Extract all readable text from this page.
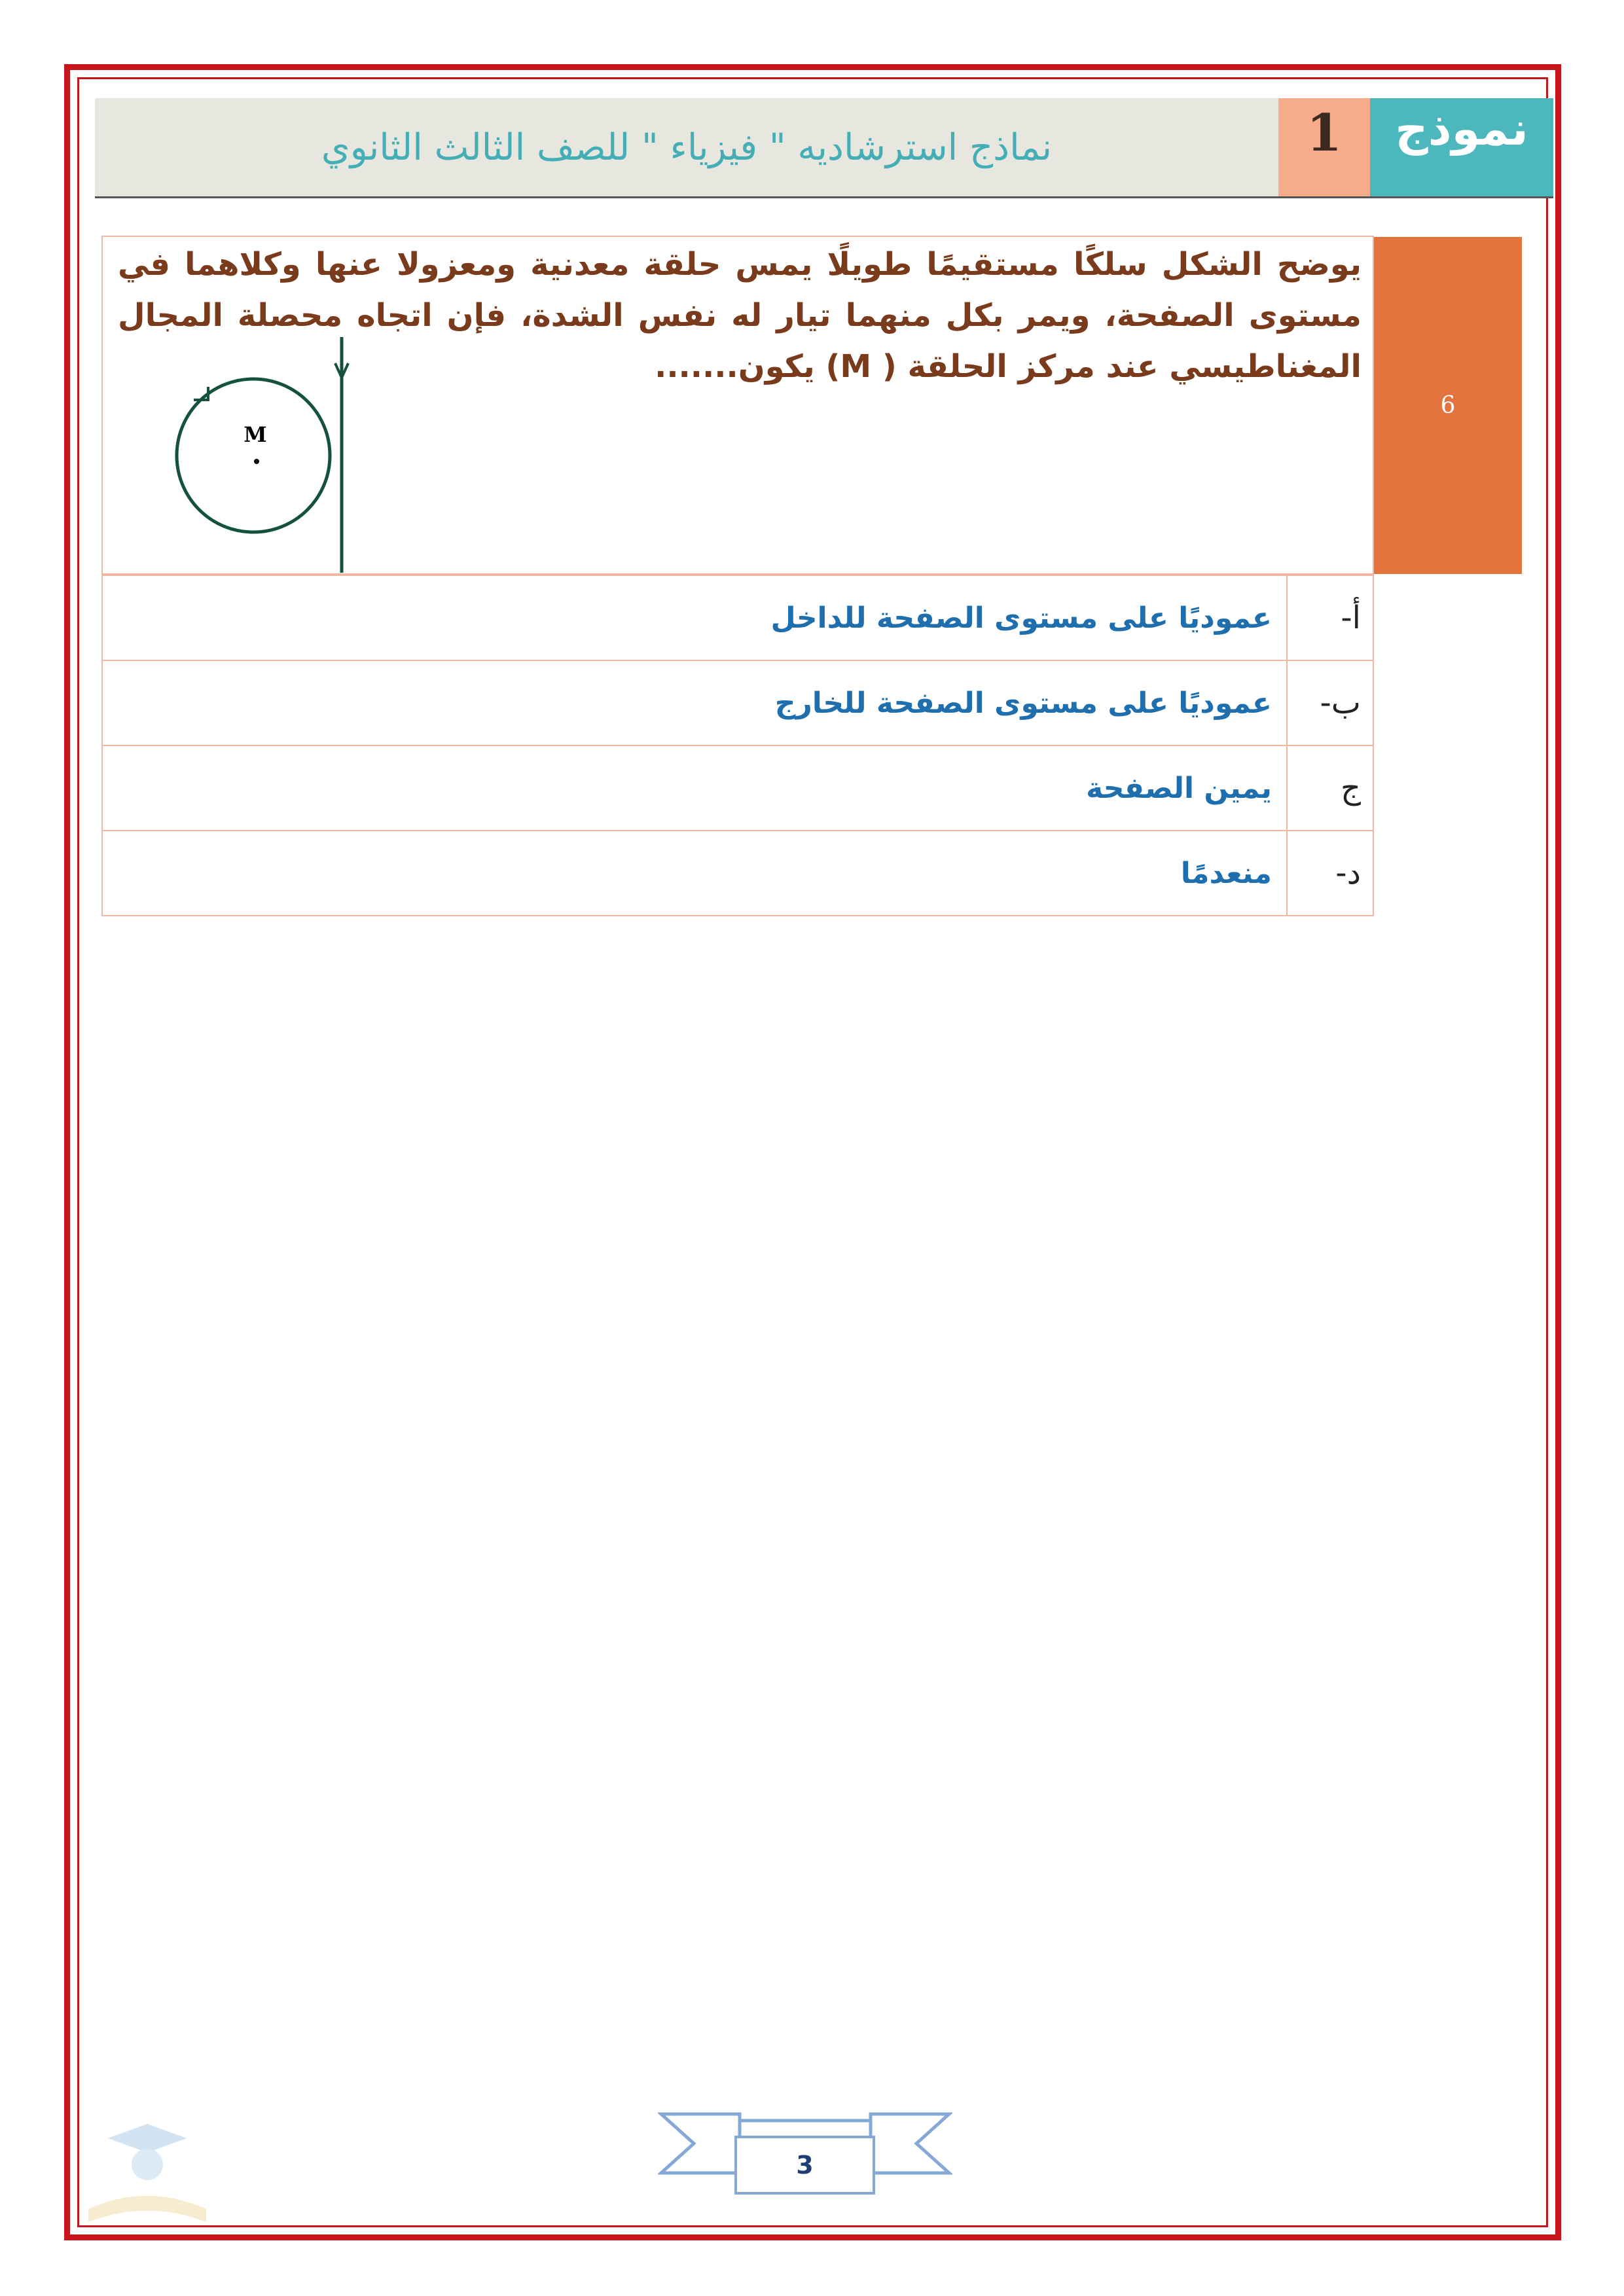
نماذج استرشاديه " فيزياء " للصف الثالث الثانوي	1 نموذج
6
يوضح الشكل سلكًا مستقيمًا طويلًا يمس حلقة معدنية ومعزولا عنها وكلاهما في مستوى الصفحة، ويمر بكل منهما تيار له نفس الشدة، فإن اتجاه محصلة المجال المغناطيسي عند مركز الحلقة ( M) يكون.......
M
أ-	عموديًا على مستوى الصفحة للداخل
ب-	عموديًا على مستوى الصفحة للخارج
ج	يمين الصفحة
د-	منعدمًا
3
